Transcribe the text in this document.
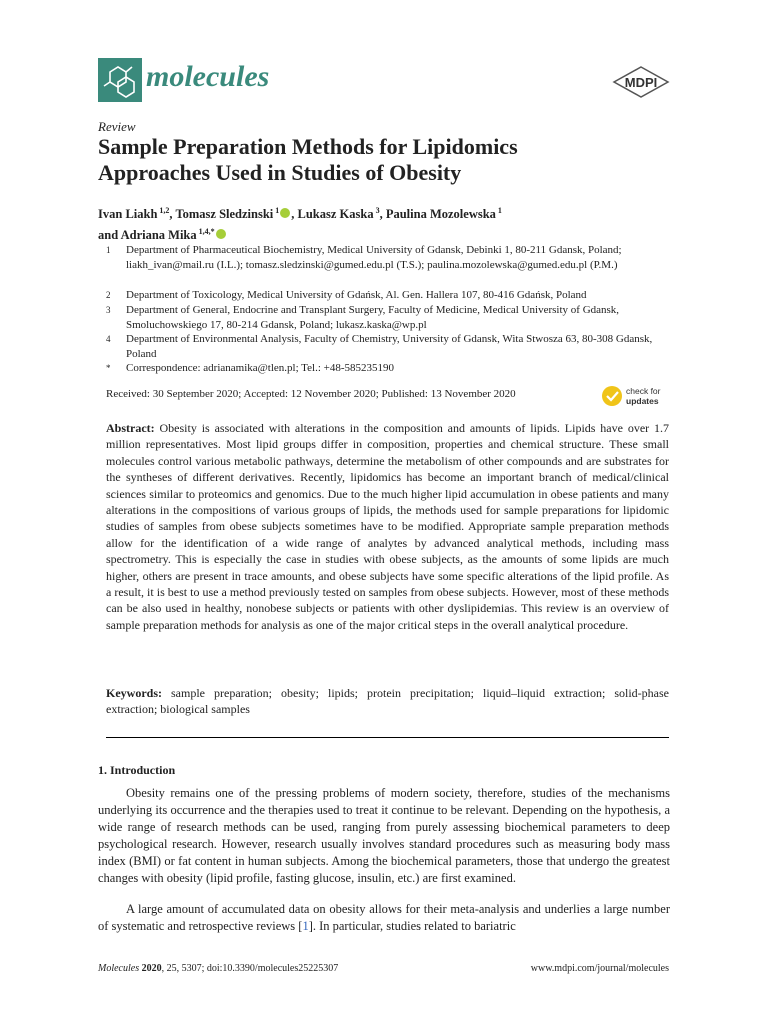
molecules	MDPI
Review
Sample Preparation Methods for Lipidomics Approaches Used in Studies of Obesity
Ivan Liakh $^{1,2}$, Tomasz Sledzinski $^1$ , Lukasz Kaska $^3$, Paulina Mozolewska $^1$
and Adriana Mika $^{1,4,*}$
1 Department of Pharmaceutical Biochemistry, Medical University of Gdansk, Debinki 1, 80-211 Gdansk, Poland; liakh_ivan@mail.ru (I.L.); tomasz.sledzinski@gumed.edu.pl (T.S.); paulina.mozolewska@gumed.edu.pl (P.M.)
2 Department of Toxicology, Medical University of Gdańsk, Al. Gen. Hallera 107, 80-416 Gdańsk, Poland
3 Department of General, Endocrine and Transplant Surgery, Faculty of Medicine, Medical University of Gdansk, Smoluchowskiego 17, 80-214 Gdansk, Poland; lukasz.kaska@wp.pl
4 Department of Environmental Analysis, Faculty of Chemistry, University of Gdansk, Wita Stwosza 63, 80-308 Gdansk, Poland
* Correspondence: adrianamika@tlen.pl; Tel.: +48-585235190
Received: 30 September 2020; Accepted: 12 November 2020; Published: 13 November 2020	check for
updates
Abstract: Obesity is associated with alterations in the composition and amounts of lipids. Lipids have over 1.7 million representatives. Most lipid groups differ in composition, properties and chemical structure. These small molecules control various metabolic pathways, determine the metabolism of other compounds and are substrates for the syntheses of different derivatives. Recently, lipidomics has become an important branch of medical/clinical sciences similar to proteomics and genomics. Due to the much higher lipid accumulation in obese patients and many alterations in the compositions of various groups of lipids, the methods used for sample preparations for lipidomic studies of samples from obese subjects sometimes have to be modified. Appropriate sample preparation methods allow for the identification of a wide range of analytes by advanced analytical methods, including mass spectrometry. This is especially the case in studies with obese subjects, as the amounts of some lipids are much higher, others are present in trace amounts, and obese subjects have some specific alterations of the lipid profile. As a result, it is best to use a method previously tested on samples from obese subjects. However, most of these methods can be also used in healthy, nonobese subjects or patients with other dyslipidemias. This review is an overview of sample preparation methods for analysis as one of the major critical steps in the overall analytical procedure.
Keywords: sample preparation; obesity; lipids; protein precipitation; liquid–liquid extraction; solid-phase extraction; biological samples
1. Introduction
Obesity remains one of the pressing problems of modern society, therefore, studies of the mechanisms underlying its occurrence and the therapies used to treat it continue to be relevant. Depending on the hypothesis, a wide range of research methods can be used, ranging from purely assessing biochemical parameters to deep psychological research. However, research usually involves standard procedures such as measuring body mass index (BMI) or fat content in human subjects. Among the biochemical parameters, those that undergo the greatest changes with obesity (lipid profile, fasting glucose, insulin, etc.) are first examined.
A large amount of accumulated data on obesity allows for their meta-analysis and underlies a large number of systematic and retrospective reviews [1]. In particular, studies related to bariatric
Molecules 2020, 25, 5307; doi:10.3390/molecules25225307	www.mdpi.com/journal/molecules
